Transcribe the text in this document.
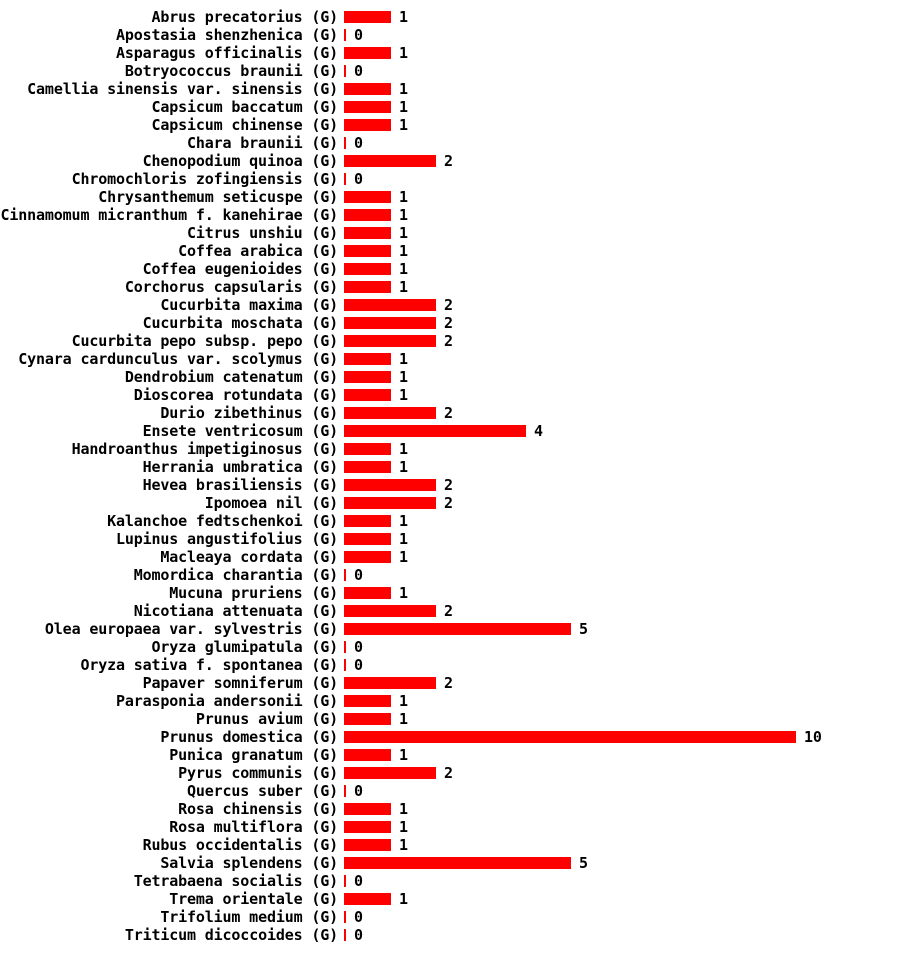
Abrus precatorius (G)	1
Apostasia shenzhenica (G) 0
Asparagus officinalis (G)	1
Botryococcus braunii (G) 0
Camellia sinensis var. sinensis (G)	1
Capsicum baccatum (G)	1
Capsicum chinense (G)	1
Chara braunii (G) 0
Chenopodium quinoa (G)	2
Chromochloris zofingiensis (G) 0
Chrysanthemum seticuspe (G)	1
Cinnamomum micranthum f. kanehirae (G)	1
Citrus unshiu (G)	1
Coffea arabica (G)	1
Coffea eugenioides (G)	1
Corchorus capsularis (G)	1
Cucurbita maxima (G)	2
Cucurbita moschata (G)	2
Cucurbita pepo subsp. pepo (G)	2
Cynara cardunculus var. scolymus (G)	1
Dendrobium catenatum (G)	1
Dioscorea rotundata (G)	1
Durio zibethinus (G)	2
Ensete ventricosum (G)	4
Handroanthus impetiginosus (G)	1
Herrania umbratica (G)	1
Hevea brasiliensis (G)	2
Ipomoea nil (G)	2
Kalanchoe fedtschenkoi (G)	1
Lupinus angustifolius (G)	1
Macleaya cordata (G)	1
Momordica charantia (G) 0
Mucuna pruriens (G)	1
Nicotiana attenuata (G)	2
Olea europaea var. sylvestris (G)	5
Oryza glumipatula (G) 0
Oryza sativa f. spontanea (G) 0
Papaver somniferum (G)	2
Parasponia andersonii (G)	1
Prunus avium (G)	1
Prunus domestica (G)	10
Punica granatum (G)	1
Pyrus communis (G)	2
Quercus suber (G) 0
Rosa chinensis (G)	1
Rosa multiflora (G)	1
Rubus occidentalis (G)	1
Salvia splendens (G)	5
Tetrabaena socialis (G) 0
Trema orientale (G)	1
Trifolium medium (G) 0
Triticum dicoccoides (G) 0
